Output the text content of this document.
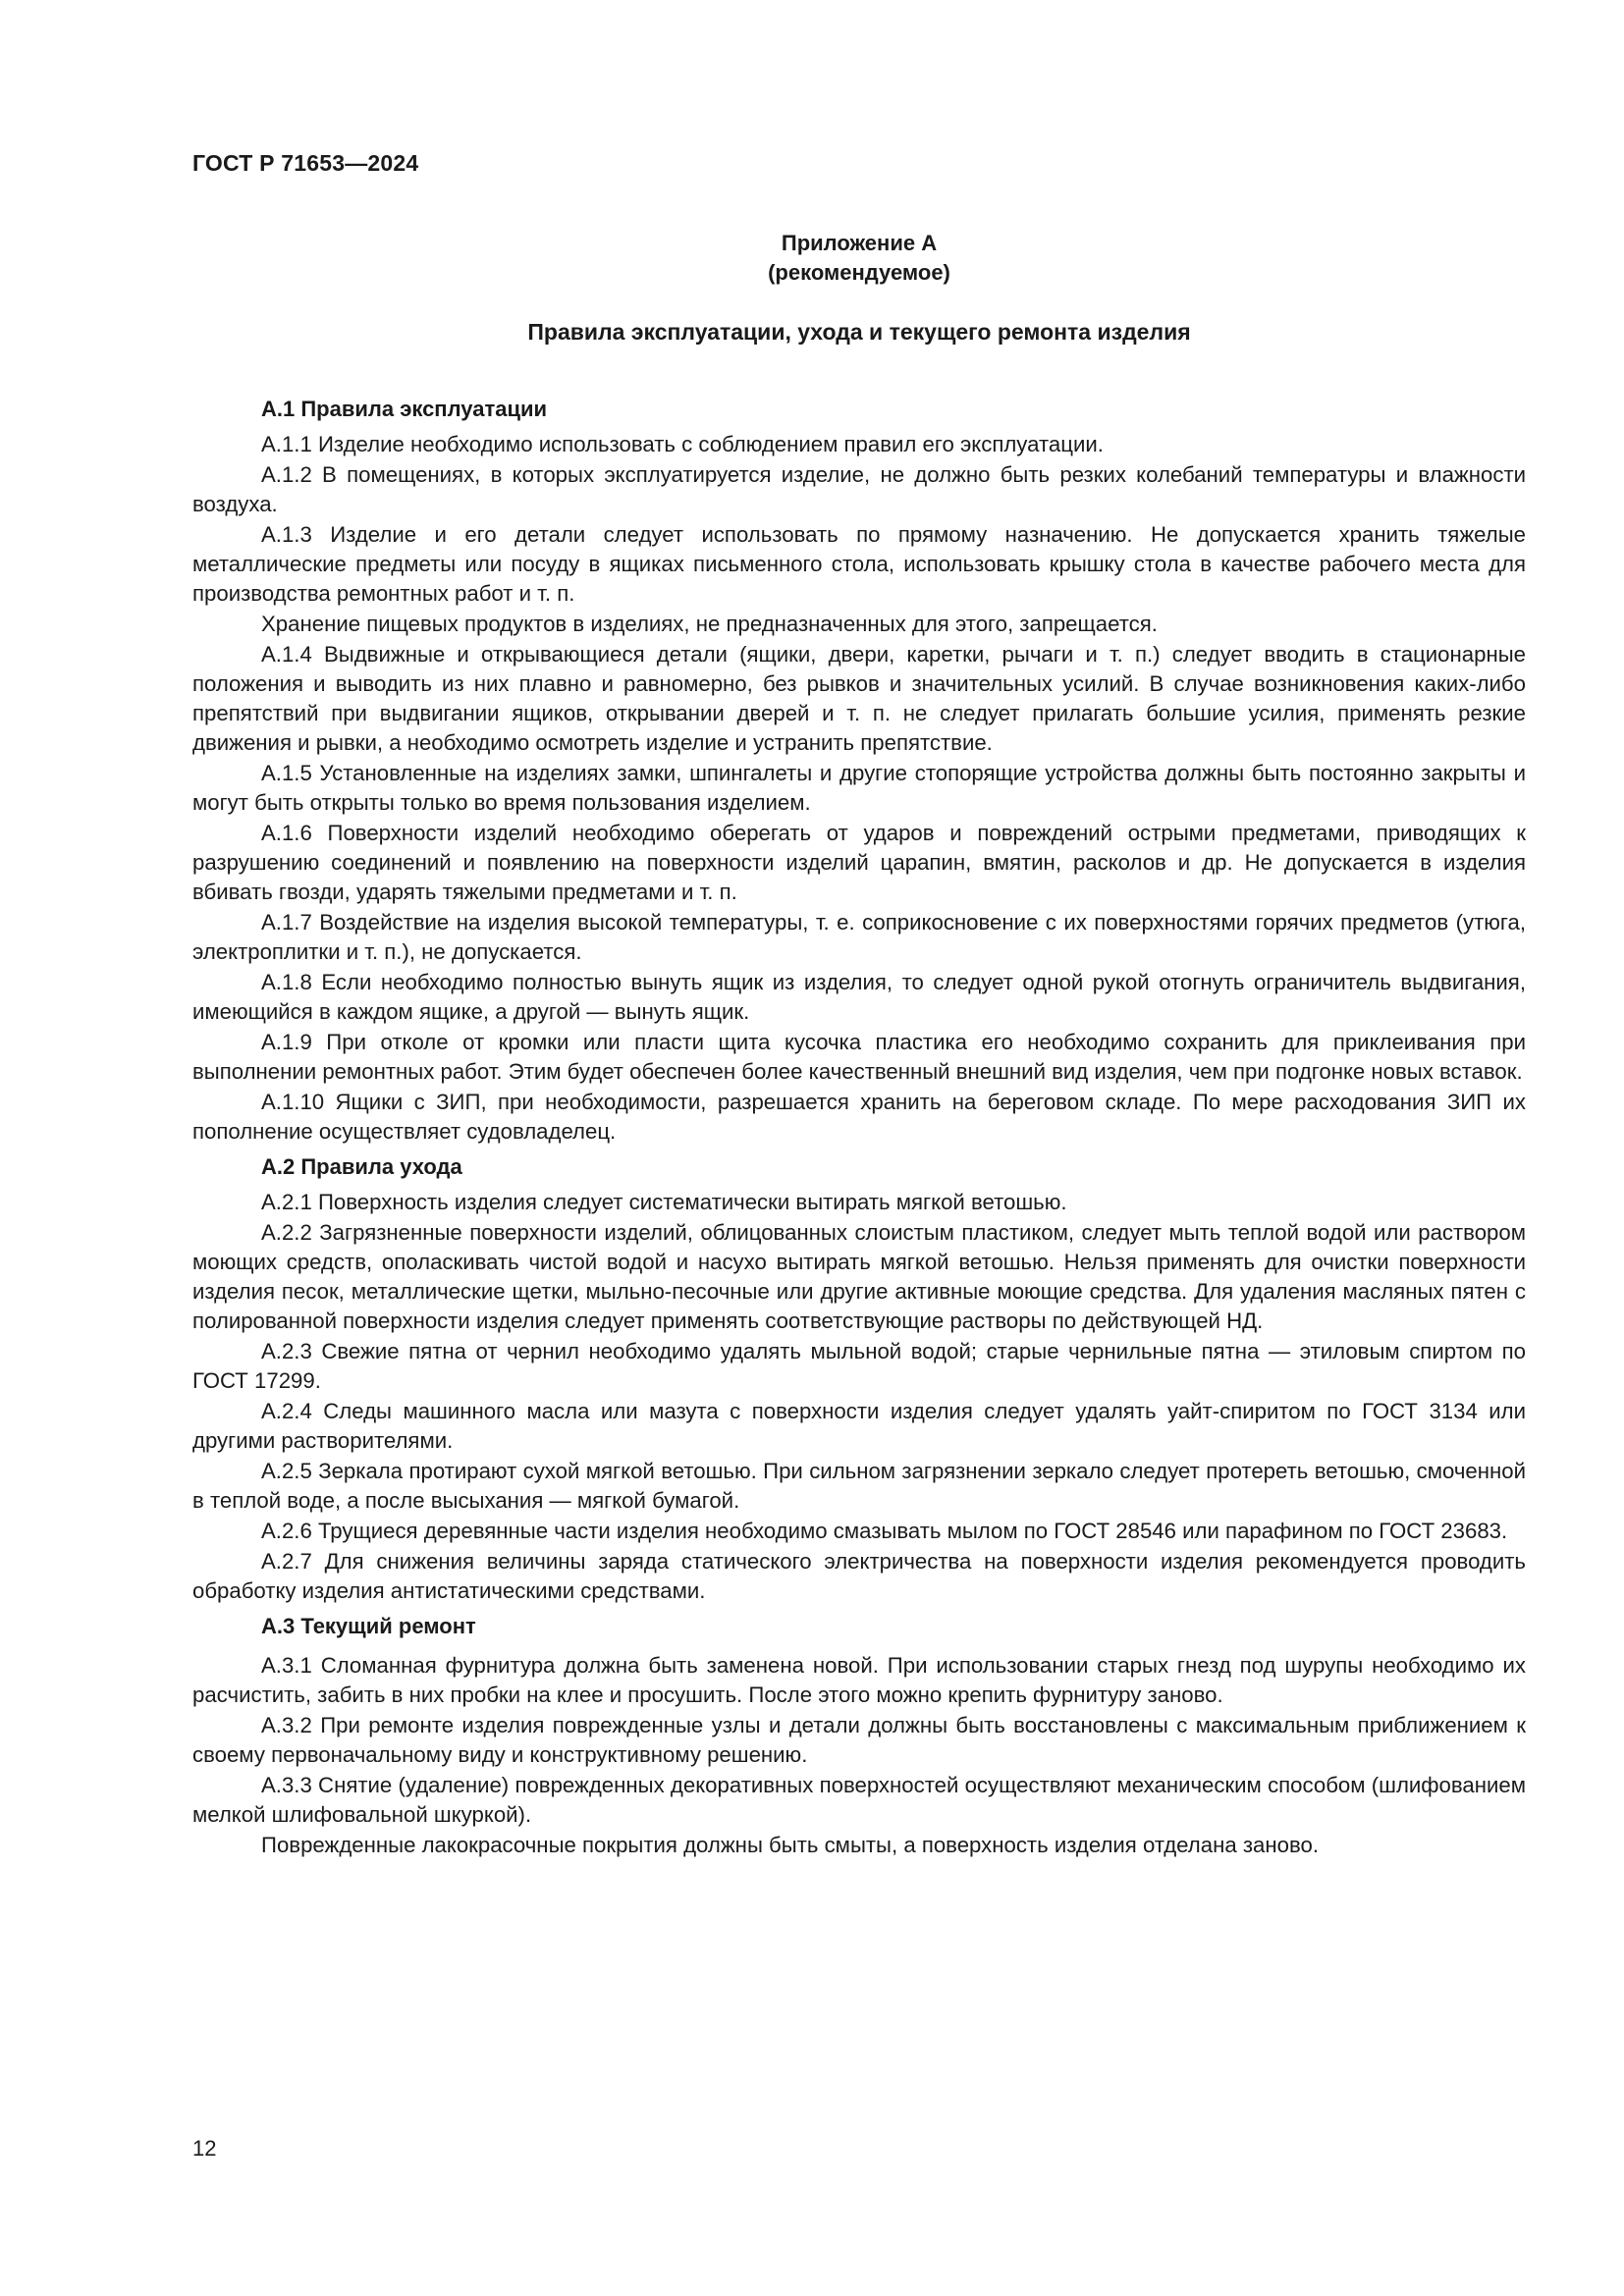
ГОСТ Р 71653—2024

Приложение А
(рекомендуемое)
Правила эксплуатации, ухода и текущего ремонта изделия
А.1 Правила эксплуатации

А.1.1 Изделие необходимо использовать с соблюдением правил его эксплуатации.

А.1.2 В помещениях, в которых эксплуатируется изделие, не должно быть резких колебаний температуры и влажности воздуха.

А.1.3 Изделие и его детали следует использовать по прямому назначению. Не допускается хранить тяжелые металлические предметы или посуду в ящиках письменного стола, использовать крышку стола в качестве рабочего места для производства ремонтных работ и т. п.

Хранение пищевых продуктов в изделиях, не предназначенных для этого, запрещается.

А.1.4 Выдвижные и открывающиеся детали (ящики, двери, каретки, рычаги и т. п.) следует вводить в стационарные положения и выводить из них плавно и равномерно, без рывков и значительных усилий. В случае возникновения каких-либо препятствий при выдвигании ящиков, открывании дверей и т. п. не следует прилагать большие усилия, применять резкие движения и рывки, а необходимо осмотреть изделие и устранить препятствие.

А.1.5 Установленные на изделиях замки, шпингалеты и другие стопорящие устройства должны быть постоянно закрыты и могут быть открыты только во время пользования изделием.

А.1.6 Поверхности изделий необходимо оберегать от ударов и повреждений острыми предметами, приводящих к разрушению соединений и появлению на поверхности изделий царапин, вмятин, расколов и др. Не допускается в изделия вбивать гвозди, ударять тяжелыми предметами и т. п.

А.1.7 Воздействие на изделия высокой температуры, т. е. соприкосновение с их поверхностями горячих предметов (утюга, электроплитки и т. п.), не допускается.

А.1.8 Если необходимо полностью вынуть ящик из изделия, то следует одной рукой отогнуть ограничитель выдвигания, имеющийся в каждом ящике, а другой — вынуть ящик.

А.1.9 При отколе от кромки или пласти щита кусочка пластика его необходимо сохранить для приклеивания при выполнении ремонтных работ. Этим будет обеспечен более качественный внешний вид изделия, чем при подгонке новых вставок.

А.1.10 Ящики с ЗИП, при необходимости, разрешается хранить на береговом складе. По мере расходования ЗИП их пополнение осуществляет судовладелец.

А.2 Правила ухода

А.2.1 Поверхность изделия следует систематически вытирать мягкой ветошью.

А.2.2 Загрязненные поверхности изделий, облицованных слоистым пластиком, следует мыть теплой водой или раствором моющих средств, ополаскивать чистой водой и насухо вытирать мягкой ветошью. Нельзя применять для очистки поверхности изделия песок, металлические щетки, мыльно-песочные или другие активные моющие средства. Для удаления масляных пятен с полированной поверхности изделия следует применять соответствующие растворы по действующей НД.

А.2.3 Свежие пятна от чернил необходимо удалять мыльной водой; старые чернильные пятна — этиловым спиртом по ГОСТ 17299.

А.2.4 Следы машинного масла или мазута с поверхности изделия следует удалять уайт-спиритом по ГОСТ 3134 или другими растворителями.

А.2.5 Зеркала протирают сухой мягкой ветошью. При сильном загрязнении зеркало следует протереть ветошью, смоченной в теплой воде, а после высыхания — мягкой бумагой.

А.2.6 Трущиеся деревянные части изделия необходимо смазывать мылом по ГОСТ 28546 или парафином по ГОСТ 23683.

А.2.7 Для снижения величины заряда статического электричества на поверхности изделия рекомендуется проводить обработку изделия антистатическими средствами.

А.3 Текущий ремонт

А.3.1 Сломанная фурнитура должна быть заменена новой. При использовании старых гнезд под шурупы необходимо их расчистить, забить в них пробки на клее и просушить. После этого можно крепить фурнитуру заново.

А.3.2 При ремонте изделия поврежденные узлы и детали должны быть восстановлены с максимальным приближением к своему первоначальному виду и конструктивному решению.

А.3.3 Снятие (удаление) поврежденных декоративных поверхностей осуществляют механическим способом (шлифованием мелкой шлифовальной шкуркой).

Поврежденные лакокрасочные покрытия должны быть смыты, а поверхность изделия отделана заново.

12
